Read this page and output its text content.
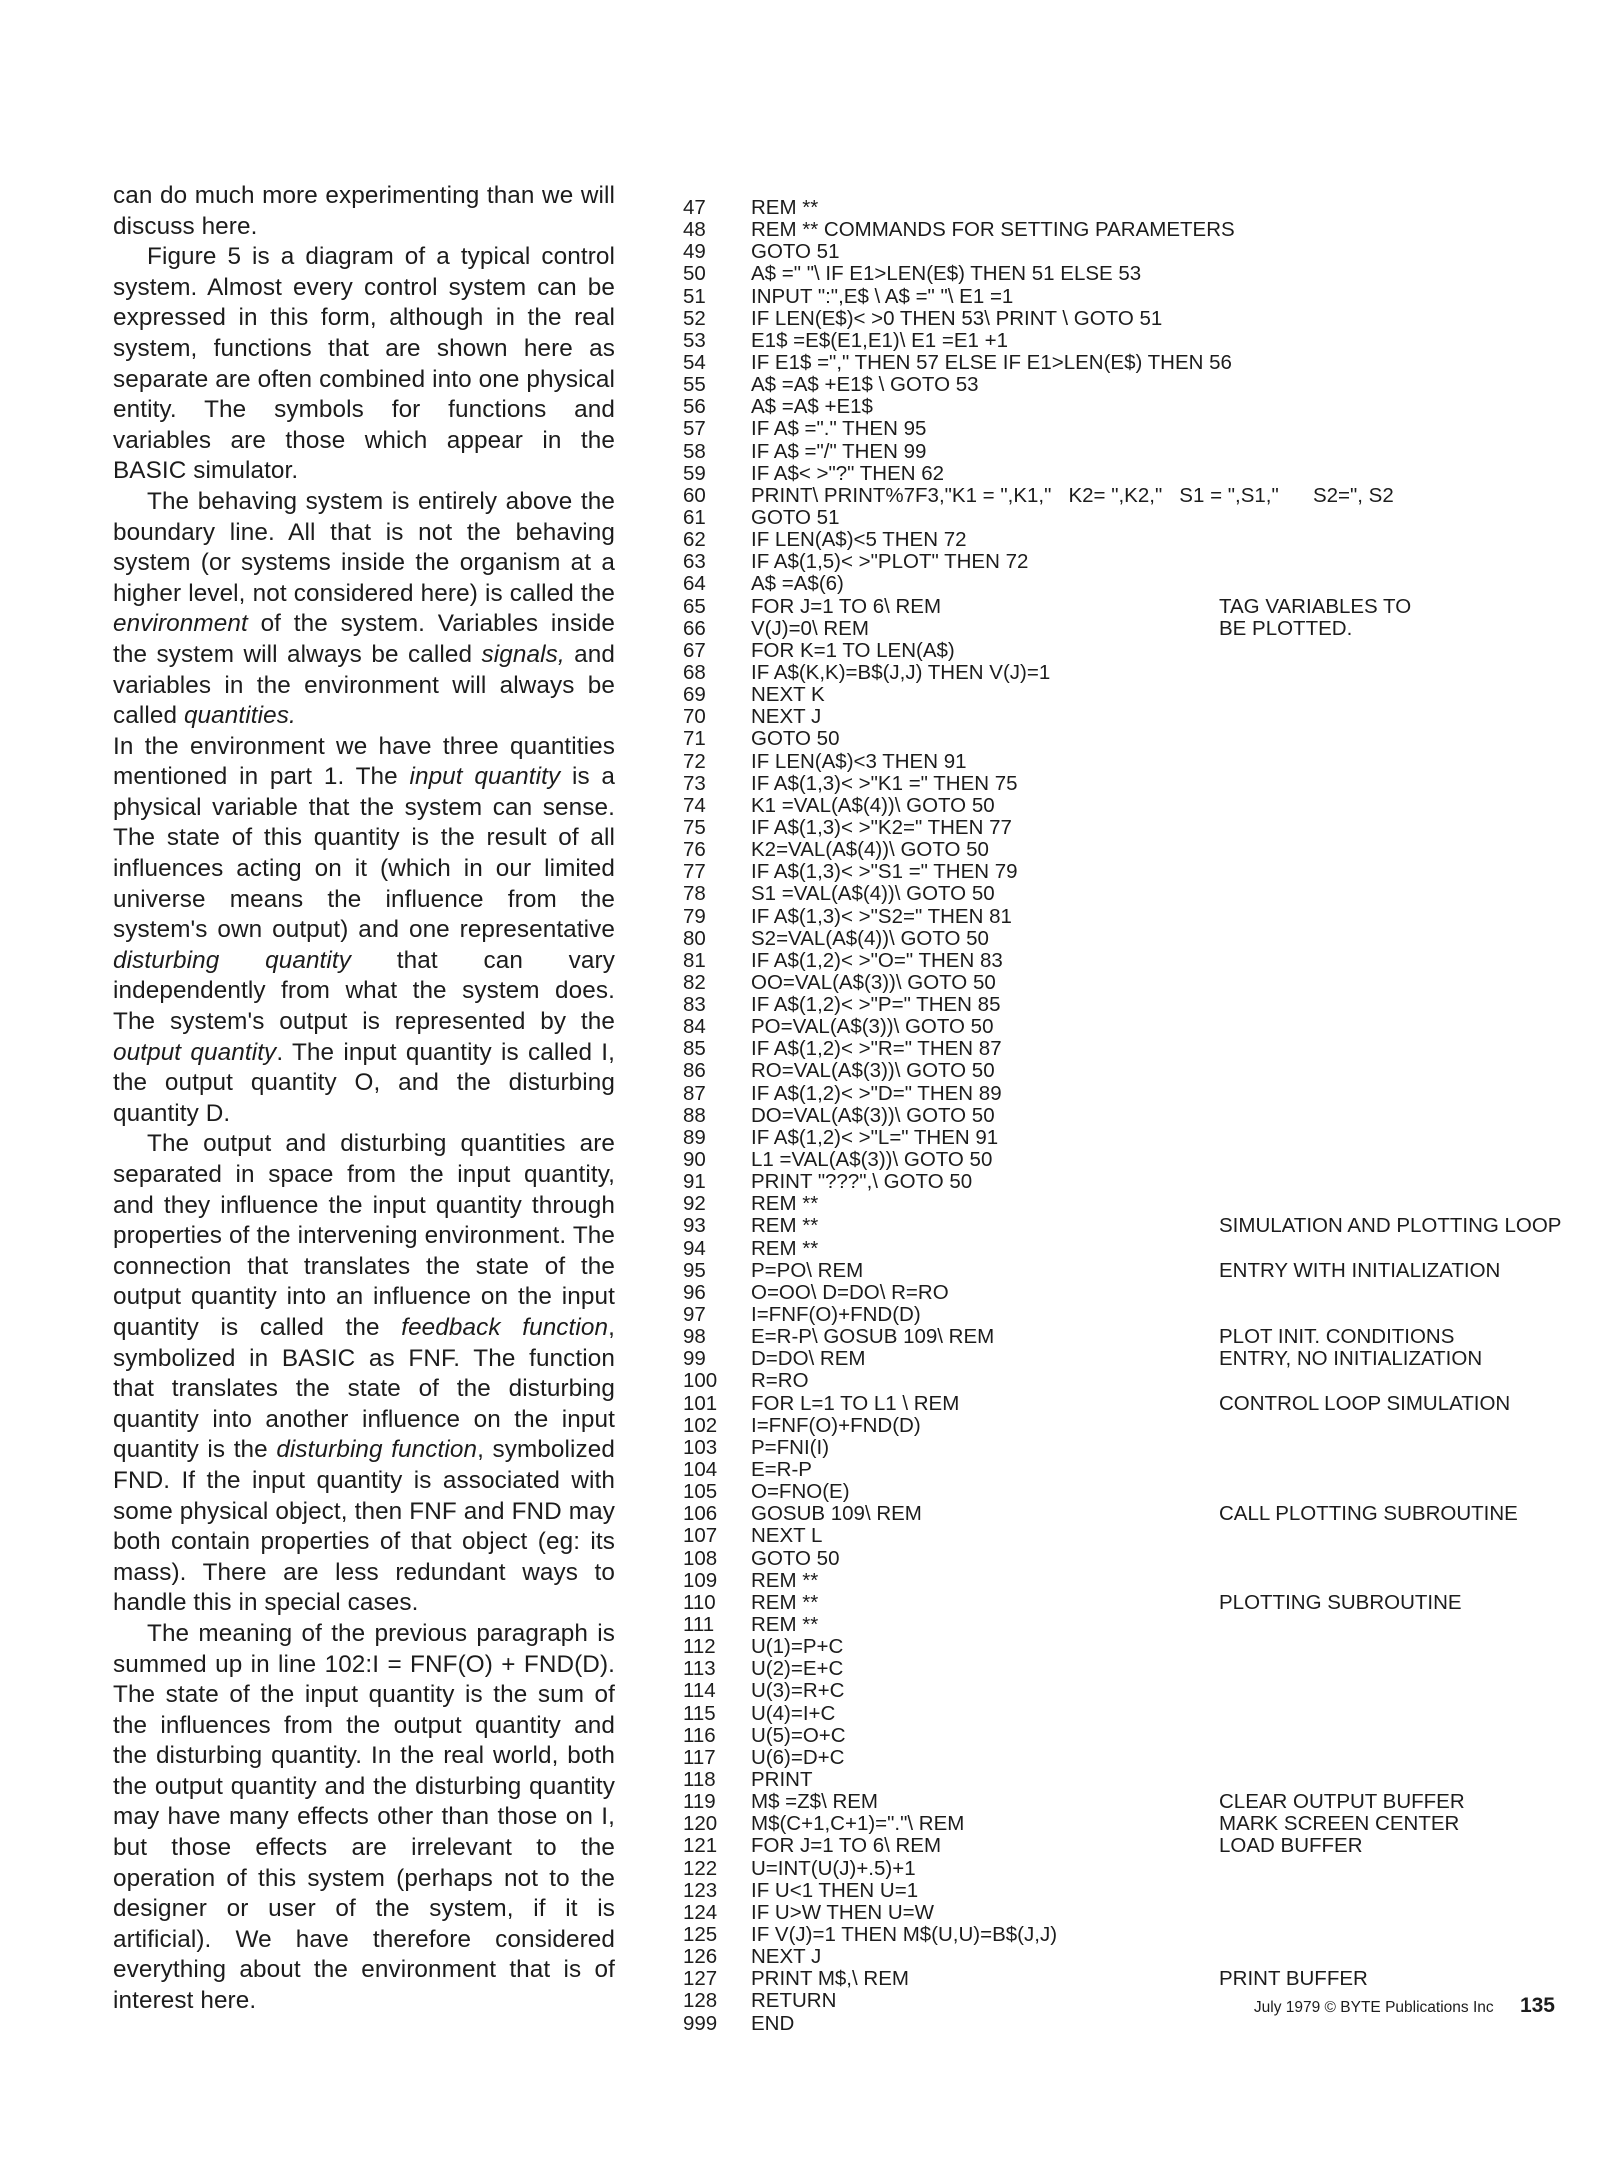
can do much more experimenting than we will discuss here.

Figure 5 is a diagram of a typical control system. Almost every control system can be expressed in this form, although in the real system, functions that are shown here as separate are often combined into one physical entity. The symbols for functions and variables are those which appear in the BASIC simulator.

The behaving system is entirely above the boundary line. All that is not the behaving system (or systems inside the organism at a higher level, not considered here) is called the environment of the system. Variables inside the system will always be called signals, and variables in the environment will always be called quantities.

In the environment we have three quantities mentioned in part 1. The input quantity is a physical variable that the system can sense. The state of this quantity is the result of all influences acting on it (which in our limited universe means the influence from the system's own output) and one representative disturbing quantity that can vary independently from what the system does. The system's output is represented by the output quantity. The input quantity is called I, the output quantity O, and the disturbing quantity D.

The output and disturbing quantities are separated in space from the input quantity, and they influence the input quantity through properties of the intervening environment. The connection that translates the state of the output quantity into an influence on the input quantity is called the feedback function, symbolized in BASIC as FNF. The function that translates the state of the disturbing quantity into another influence on the input quantity is the disturbing function, symbolized FND. If the input quantity is associated with some physical object, then FNF and FND may both contain properties of that object (eg: its mass). There are less redundant ways to handle this in special cases.

The meaning of the previous paragraph is summed up in line 102:I = FNF(O) + FND(D). The state of the input quantity is the sum of the influences from the output quantity and the disturbing quantity. In the real world, both the output quantity and the disturbing quantity may have many effects other than those on I, but those effects are irrelevant to the operation of this system (perhaps not to the designer or user of the system, if it is artificial). We have therefore considered everything about the environment that is of interest here.

47	REM **
48	REM ** COMMANDS FOR SETTING PARAMETERS
49	GOTO 51
50	A$ =" "\ IF E1>LEN(E$) THEN 51 ELSE 53
51	INPUT ":",E$ \ A$ =" "\ E1 =1
52	IF LEN(E$)< >0 THEN 53\ PRINT \ GOTO 51
53	E1$ =E$(E1,E1)\ E1 =E1 +1
54	IF E1$ ="," THEN 57 ELSE IF E1>LEN(E$) THEN 56
55	A$ =A$ +E1$ \ GOTO 53
56	A$ =A$ +E1$
57	IF A$ ="." THEN 95
58	IF A$ ="/" THEN 99
59	IF A$< >"?" THEN 62
60	PRINT\ PRINT%7F3,"K1 = ",K1,"   K2= ",K2,"   S1 = ",S1,"      S2=", S2
61	GOTO 51
62	IF LEN(A$)<5 THEN 72
63	IF A$(1,5)< >"PLOT" THEN 72
64	A$ =A$(6)
65	FOR J=1 TO 6\ REM	TAG VARIABLES TO
66	V(J)=0\ REM	BE PLOTTED.
67	FOR K=1 TO LEN(A$)
68	IF A$(K,K)=B$(J,J) THEN V(J)=1
69	NEXT K
70	NEXT J
71	GOTO 50
72	IF LEN(A$)<3 THEN 91
73	IF A$(1,3)< >"K1 =" THEN 75
74	K1 =VAL(A$(4))\ GOTO 50
75	IF A$(1,3)< >"K2=" THEN 77
76	K2=VAL(A$(4))\ GOTO 50
77	IF A$(1,3)< >"S1 =" THEN 79
78	S1 =VAL(A$(4))\ GOTO 50
79	IF A$(1,3)< >"S2=" THEN 81
80	S2=VAL(A$(4))\ GOTO 50
81	IF A$(1,2)< >"O=" THEN 83
82	OO=VAL(A$(3))\ GOTO 50
83	IF A$(1,2)< >"P=" THEN 85
84	PO=VAL(A$(3))\ GOTO 50
85	IF A$(1,2)< >"R=" THEN 87
86	RO=VAL(A$(3))\ GOTO 50
87	IF A$(1,2)< >"D=" THEN 89
88	DO=VAL(A$(3))\ GOTO 50
89	IF A$(1,2)< >"L=" THEN 91
90	L1 =VAL(A$(3))\ GOTO 50
91	PRINT "???",\ GOTO 50
92	REM **
93	REM **	SIMULATION AND PLOTTING LOOP
94	REM **
95	P=PO\ REM	ENTRY WITH INITIALIZATION
96	O=OO\ D=DO\ R=RO
97	I=FNF(O)+FND(D)
98	E=R-P\ GOSUB 109\ REM	PLOT INIT. CONDITIONS
99	D=DO\ REM	ENTRY, NO INITIALIZATION
100	R=RO
101	FOR L=1 TO L1 \ REM	CONTROL LOOP SIMULATION
102	I=FNF(O)+FND(D)
103	P=FNI(I)
104	E=R-P
105	O=FNO(E)
106	GOSUB 109\ REM	CALL PLOTTING SUBROUTINE
107	NEXT L
108	GOTO 50
109	REM **
110	REM **	PLOTTING SUBROUTINE
111	REM **
112	U(1)=P+C
113	U(2)=E+C
114	U(3)=R+C
115	U(4)=I+C
116	U(5)=O+C
117	U(6)=D+C
118	PRINT
119	M$ =Z$\ REM	CLEAR OUTPUT BUFFER
120	M$(C+1,C+1)="."\ REM	MARK SCREEN CENTER
121	FOR J=1 TO 6\ REM	LOAD BUFFER
122	U=INT(U(J)+.5)+1
123	IF U<1 THEN U=1
124	IF U>W THEN U=W
125	IF V(J)=1 THEN M$(U,U)=B$(J,J)
126	NEXT J
127	PRINT M$,\ REM	PRINT BUFFER
128	RETURN
999	END
July 1979 © BYTE Publications Inc 135
